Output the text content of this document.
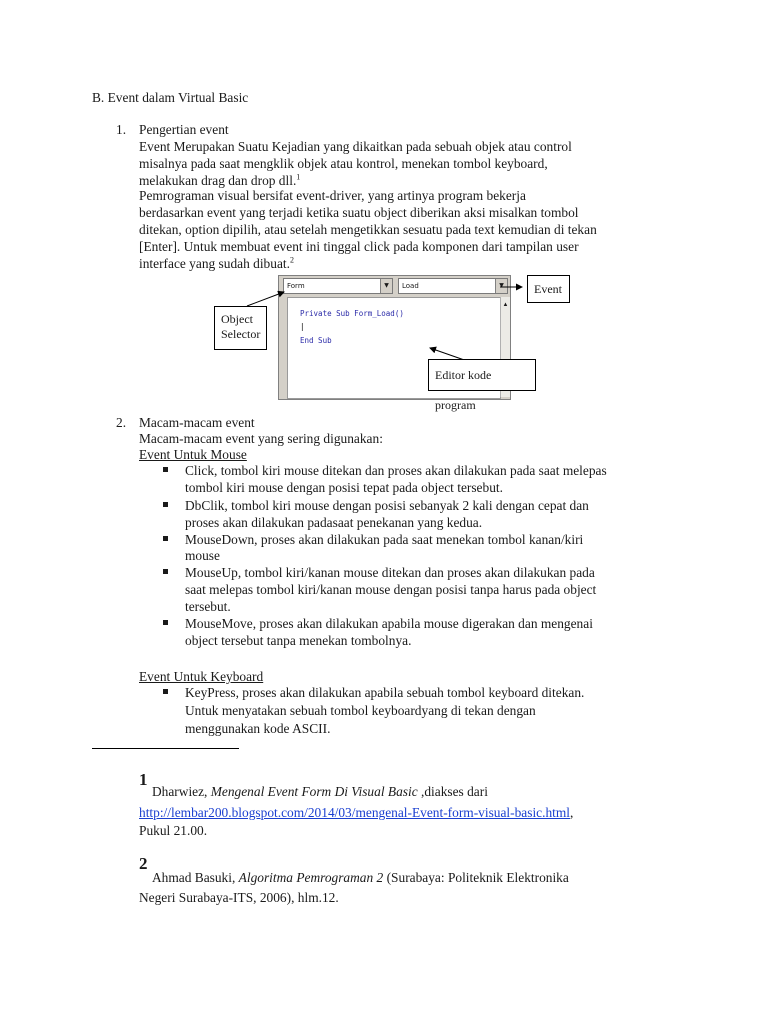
B. Event dalam Virtual Basic
1. Pengertian event
Event Merupakan Suatu Kejadian yang dikaitkan pada sebuah objek atau control
misalnya pada saat mengklik objek atau kontrol, menekan tombol keyboard,
melakukan drag dan drop dll.$^1$
Pemrograman visual bersifat event-driver, yang artinya program bekerja
berdasarkan event yang terjadi ketika suatu object diberikan aksi misalkan tombol
ditekan, option dipilih, atau setelah mengetikkan sesuatu pada text kemudian di tekan
[Enter]. Untuk membuat event ini tinggal click pada komponen dari tampilan user
interface yang sudah dibuat.$^2$
Form	▼	Load	▼
Private Sub Form_Load()
|
End Sub
▲
Event
Object
Selector
Editor kode program
2. Macam-macam event
Macam-macam event yang sering digunakan:
Event Untuk Mouse
Click, tombol kiri mouse ditekan dan proses akan dilakukan pada saat melepas
tombol kiri mouse dengan posisi tepat pada object tersebut.
DbClik, tombol kiri mouse dengan posisi sebanyak 2 kali dengan cepat dan
proses akan dilakukan padasaat penekanan yang kedua.
MouseDown, proses akan dilakukan pada saat menekan tombol kanan/kiri
mouse
MouseUp, tombol kiri/kanan mouse ditekan dan proses akan dilakukan pada
saat melepas tombol kiri/kanan mouse dengan posisi tanpa harus pada object
tersebut.
MouseMove, proses akan dilakukan apabila mouse digerakan dan mengenai
object tersebut tanpa menekan tombolnya.
Event Untuk Keyboard
KeyPress, proses akan dilakukan apabila sebuah tombol keyboard ditekan.
Untuk menyatakan sebuah tombol keyboardyang di tekan dengan
menggunakan kode ASCII.
1
Dharwiez, Mengenal Event Form Di Visual Basic ,diakses dari
http://lembar200.blogspot.com/2014/03/mengenal-Event-form-visual-basic.html,
Pukul 21.00.
2
Ahmad Basuki, Algoritma Pemrograman 2 (Surabaya: Politeknik Elektronika
Negeri Surabaya-ITS, 2006), hlm.12.
